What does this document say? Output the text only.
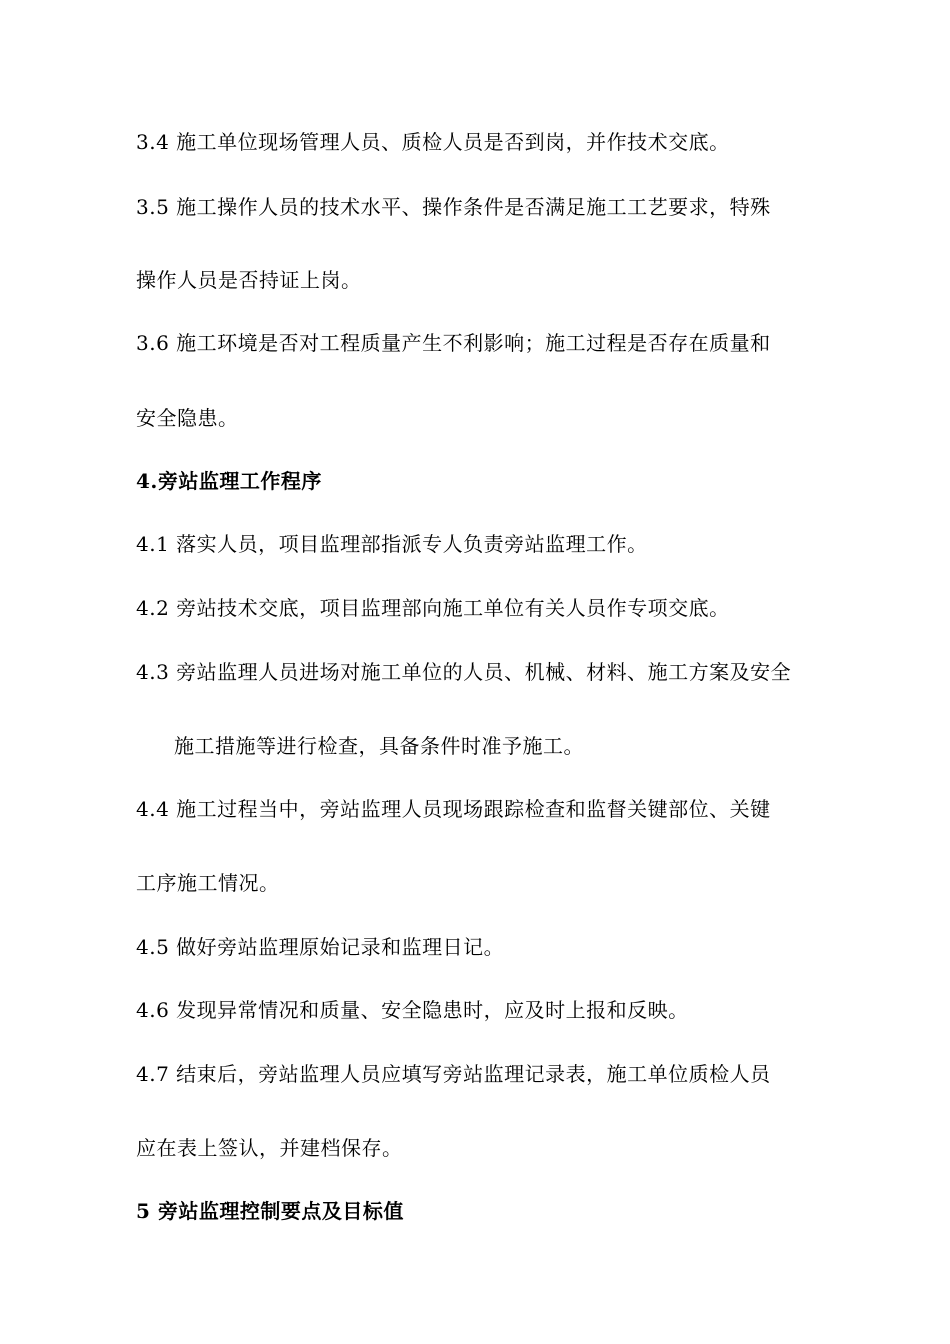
3.4 施工单位现场管理人员、质检人员是否到岗，并作技术交底。
3.5 施工操作人员的技术水平、操作条件是否满足施工工艺要求，特殊
操作人员是否持证上岗。
3.6 施工环境是否对工程质量产生不利影响；施工过程是否存在质量和
安全隐患。
4.旁站监理工作程序
4.1 落实人员，项目监理部指派专人负责旁站监理工作。
4.2 旁站技术交底，项目监理部向施工单位有关人员作专项交底。
4.3 旁站监理人员进场对施工单位的人员、机械、材料、施工方案及安全
施工措施等进行检查，具备条件时准予施工。
4.4 施工过程当中，旁站监理人员现场跟踪检查和监督关键部位、关键
工序施工情况。
4.5 做好旁站监理原始记录和监理日记。
4.6 发现异常情况和质量、安全隐患时，应及时上报和反映。
4.7 结束后，旁站监理人员应填写旁站监理记录表，施工单位质检人员
应在表上签认，并建档保存。
5 旁站监理控制要点及目标值
